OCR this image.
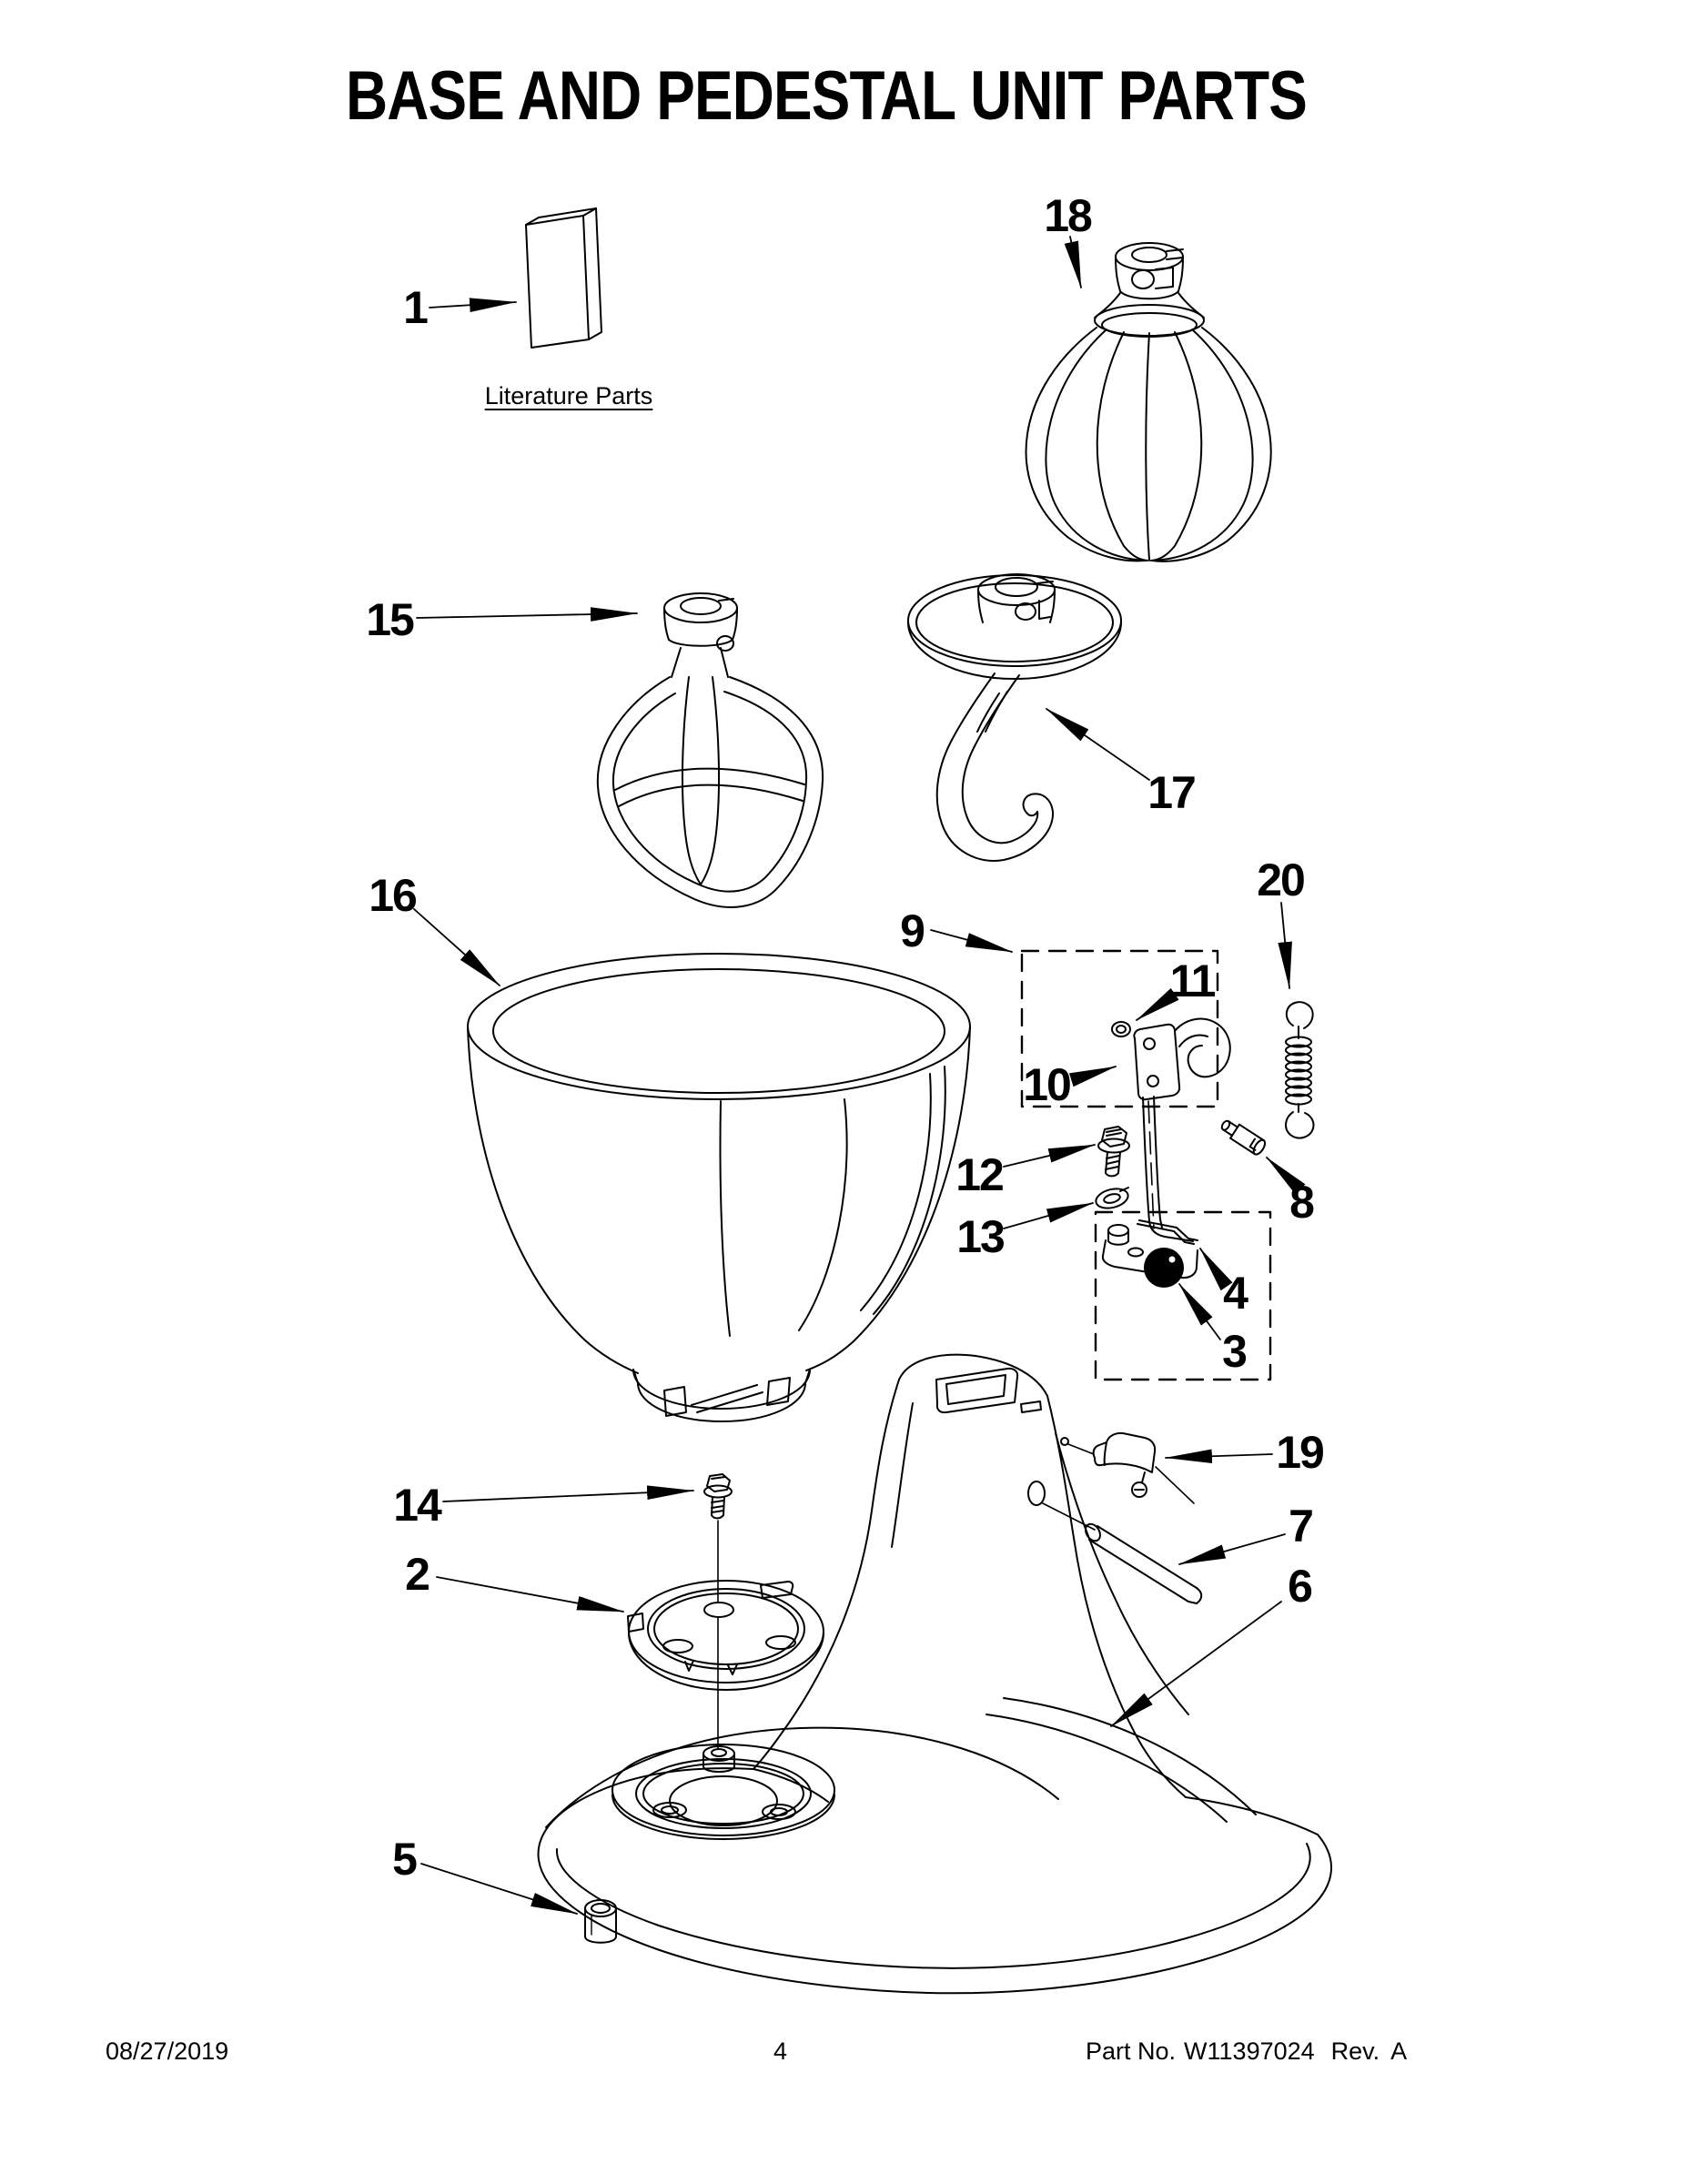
BASE AND PEDESTAL UNIT PARTS
1
2
3
4
5
6
7
8
9
10
11
12
13
14
15
16
17
18
19
20
Literature Parts
08/27/2019	4	Part No. W11397024 Rev. A
